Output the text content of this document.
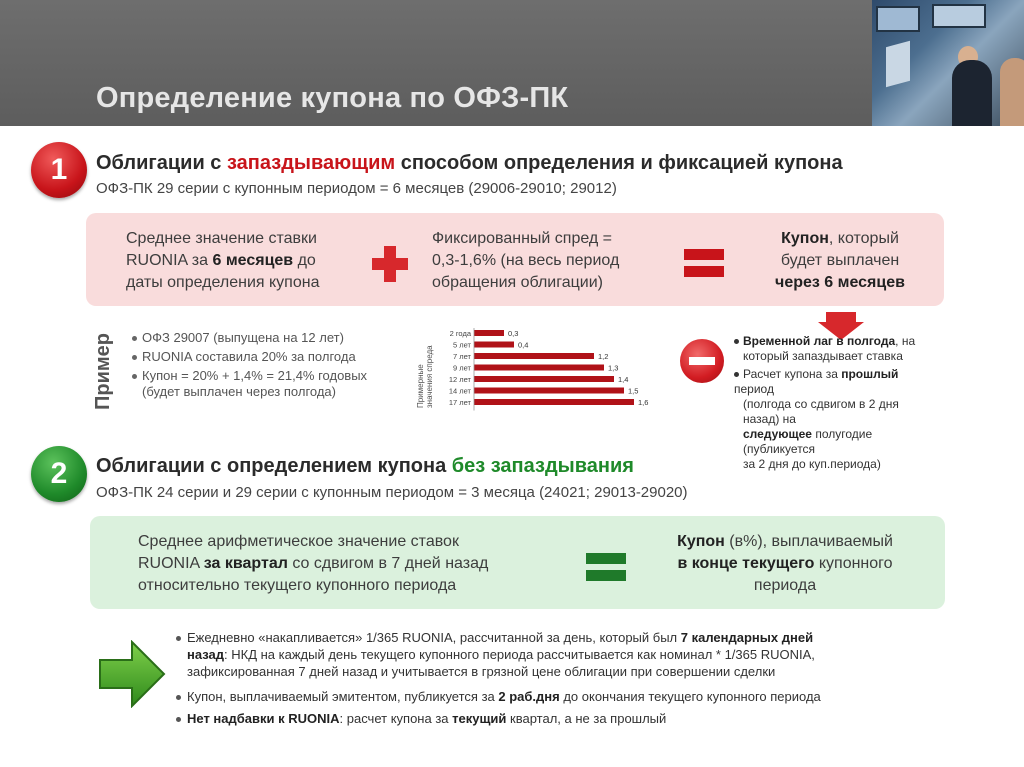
Определение купона по ОФЗ-ПК
1	Облигации с запаздывающим способом определения и фиксацией купона
ОФЗ-ПК 29 серии с купонным периодом = 6 месяцев (29006-29010; 29012)
Среднее значение ставки
RUONIA за 6 месяцев до
даты определения купона
Фиксированный спред =
0,3-1,6% (на весь период
обращения облигации)
Купон, который
будет выплачен
через 6 месяцев
Пример	ОФЗ 29007 (выпущена на 12 лет)
RUONIA составила 20% за полгода
Купон = 20% + 1,4% = 21,4% годовых
(будет выплачен через полгода)	Примерные значения спреда
2 года	0,3
5 лет	0,4
7 лет	1,2
9 лет	1,3
12 лет	1,4
14 лет	1,5
17 лет	1,6
Временной лаг в полгода, на
который запаздывает ставка
Расчет купона за прошлый период
(полгода со сдвигом в 2 дня назад) на
следующее полугодие (публикуется
за 2 дня до куп.периода)
2	Облигации с определением купона без запаздывания
ОФЗ-ПК 24 серии и 29 серии с купонным периодом = 3 месяца (24021; 29013-29020)
Среднее арифметическое значение ставок
RUONIA за квартал со сдвигом в 7 дней назад
относительно текущего купонного периода
Купон (в%), выплачиваемый
в конце текущего купонного
периода
Ежедневно «накапливается» 1/365 RUONIA, рассчитанной за день, который был 7 календарных дней
назад: НКД на каждый день текущего купонного периода рассчитывается как номинал * 1/365 RUONIA,
зафиксированная 7 дней назад и учитывается в грязной цене облигации при совершении сделки
Купон, выплачиваемый эмитентом, публикуется за 2 раб.дня до окончания текущего купонного периода
Нет надбавки к RUONIA: расчет купона за текущий квартал, а не за прошлый
